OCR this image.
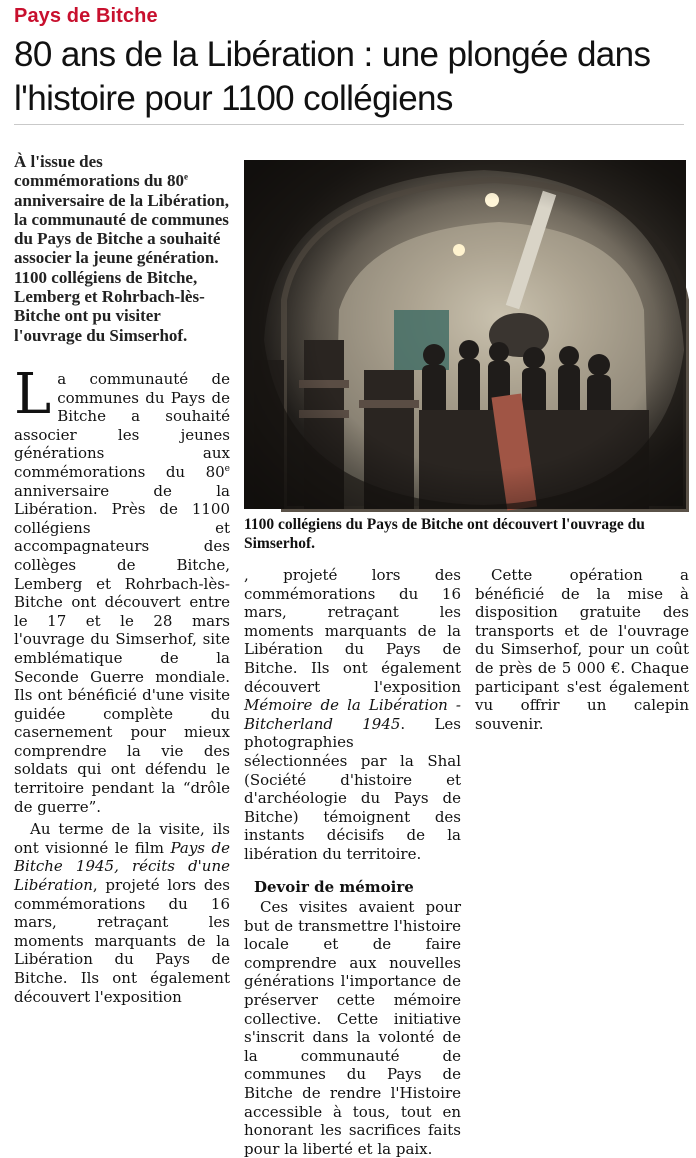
Pays de Bitche
80 ans de la Libération : une plongée dans l'histoire pour 1100 collégiens
À l'issue des commémorations du 80e anniversaire de la Libération, la communauté de communes du Pays de Bitche a souhaité associer la jeune génération. 1100 collégiens de Bitche, Lemberg et Rohrbach-lès-Bitche ont pu visiter l'ouvrage du Simserhof.

La communauté de communes du Pays de Bitche a souhaité associer les jeunes générations aux commémorations du 80e anniversaire de la Libération. Près de 1100 collégiens et accompagnateurs des collèges de Bitche, Lemberg et Rohrbach-lès-Bitche ont découvert entre le 17 et le 28 mars l'ouvrage du Simserhof, site emblématique de la Seconde Guerre mondiale. Ils ont bénéficié d'une visite guidée complète du casernement pour mieux comprendre la vie des soldats qui ont défendu le territoire pendant la “drôle de guerre”.

Au terme de la visite, ils ont visionné le film Pays de Bitche 1945, récits d'une Libération, projeté lors des commémorations du 16 mars, retraçant les moments marquants de la Libération du Pays de Bitche. Ils ont également découvert l'exposition

1100 collégiens du Pays de Bitche ont découvert l'ouvrage du Simserhof.

, projeté lors des commémorations du 16 mars, retraçant les moments marquants de la Libération du Pays de Bitche. Ils ont également découvert l'exposition Mémoire de la Libération - Bitcherland 1945. Les photographies sélectionnées par la Shal (Société d'histoire et d'archéologie du Pays de Bitche) témoignent des instants décisifs de la libération du territoire.

Devoir de mémoire

Ces visites avaient pour but de transmettre l'histoire locale et de faire comprendre aux nouvelles générations l'importance de préserver cette mémoire collective. Cette initiative s'inscrit dans la volonté de la communauté de communes du Pays de Bitche de rendre l'Histoire accessible à tous, tout en honorant les sacrifices faits pour la liberté et la paix.

Cette opération a bénéficié de la mise à disposition gratuite des transports et de l'ouvrage du Simserhof, pour un coût de près de 5 000 €. Chaque participant s'est également vu offrir un calepin souvenir.
